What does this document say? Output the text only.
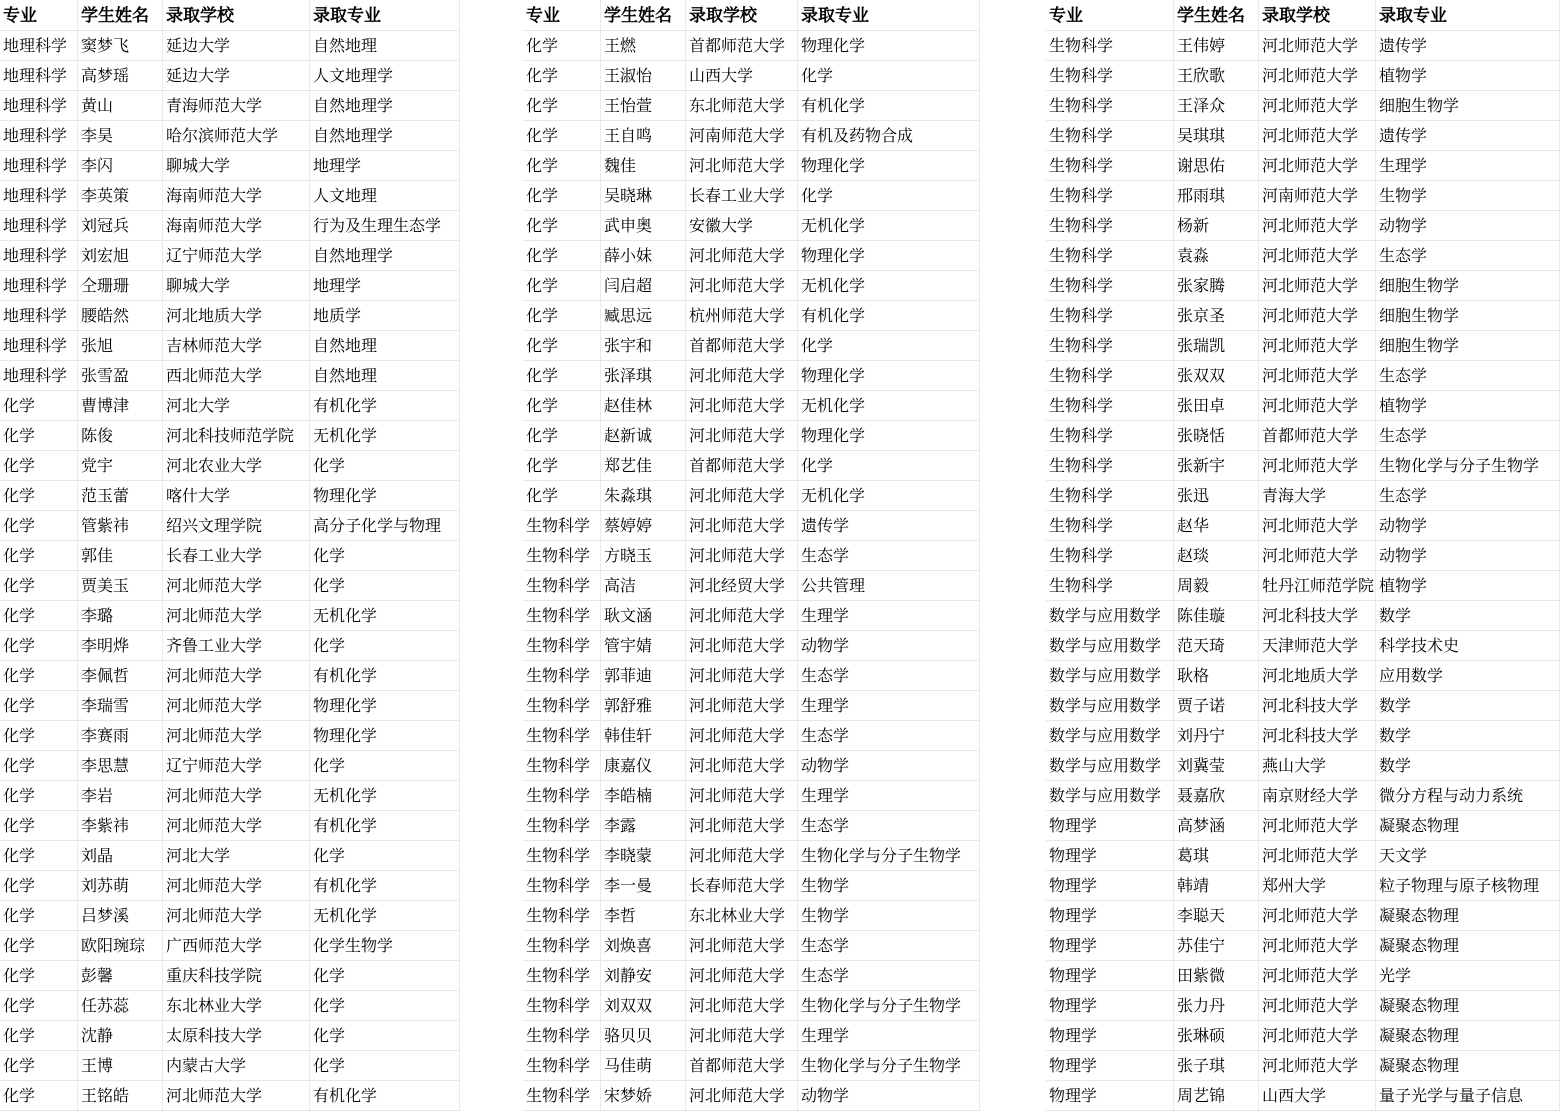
专业	学生姓名	录取学校	录取专业
地理科学 窦梦飞	延边大学	自然地理
地理科学 高梦瑶	延边大学	人文地理学
地理科学 黄山	青海师范大学	自然地理学
地理科学 李昊	哈尔滨师范大学	自然地理学
地理科学 李闪	聊城大学	地理学
地理科学 李英策	海南师范大学	人文地理
地理科学 刘冠兵	海南师范大学	行为及生理生态学
地理科学 刘宏旭	辽宁师范大学	自然地理学
地理科学 仝珊珊	聊城大学	地理学
地理科学 腰皓然	河北地质大学	地质学
地理科学 张旭	吉林师范大学	自然地理
地理科学 张雪盈	西北师范大学	自然地理
化学	曹博津	河北大学	有机化学
化学	陈俊	河北科技师范学院	无机化学
化学	党宇	河北农业大学	化学
化学	范玉蕾	喀什大学	物理化学
化学	管紫祎	绍兴文理学院	高分子化学与物理
化学	郭佳	长春工业大学	化学
化学	贾美玉	河北师范大学	化学
化学	李璐	河北师范大学	无机化学
化学	李明烨	齐鲁工业大学	化学
化学	李佩哲	河北师范大学	有机化学
化学	李瑞雪	河北师范大学	物理化学
化学	李赛雨	河北师范大学	物理化学
化学	李思慧	辽宁师范大学	化学
化学	李岩	河北师范大学	无机化学
化学	李紫祎	河北师范大学	有机化学
化学	刘晶	河北大学	化学
化学	刘苏萌	河北师范大学	有机化学
化学	吕梦溪	河北师范大学	无机化学
化学	欧阳琬琮	广西师范大学	化学生物学
化学	彭馨	重庆科技学院	化学
化学	任苏蕊	东北林业大学	化学
化学	沈静	太原科技大学	化学
化学	王博	内蒙古大学	化学
化学	王铭皓	河北师范大学	有机化学
专业	学生姓名	录取学校	录取专业
化学	王燃	首都师范大学 物理化学
化学	王淑怡	山西大学	化学
化学	王怡萱	东北师范大学 有机化学
化学	王自鸣	河南师范大学 有机及药物合成
化学	魏佳	河北师范大学 物理化学
化学	吴晓琳	长春工业大学 化学
化学	武申奥	安徽大学	无机化学
化学	薛小妹	河北师范大学 物理化学
化学	闫启超	河北师范大学 无机化学
化学	臧思远	杭州师范大学 有机化学
化学	张宇和	首都师范大学 化学
化学	张泽琪	河北师范大学 物理化学
化学	赵佳林	河北师范大学 无机化学
化学	赵新诚	河北师范大学 物理化学
化学	郑艺佳	首都师范大学 化学
化学	朱淼琪	河北师范大学 无机化学
生物科学 蔡婷婷	河北师范大学 遗传学
生物科学 方晓玉	河北师范大学 生态学
生物科学 高洁	河北经贸大学 公共管理
生物科学 耿文涵	河北师范大学 生理学
生物科学 管宇婧	河北师范大学 动物学
生物科学 郭菲迪	河北师范大学 生态学
生物科学 郭舒雅	河北师范大学 生理学
生物科学 韩佳轩	河北师范大学 生态学
生物科学 康嘉仪	河北师范大学 动物学
生物科学 李皓楠	河北师范大学 生理学
生物科学 李露	河北师范大学 生态学
生物科学 李晓蒙	河北师范大学 生物化学与分子生物学
生物科学 李一曼	长春师范大学 生物学
生物科学 李哲	东北林业大学 生物学
生物科学 刘焕喜	河北师范大学 生态学
生物科学 刘静安	河北师范大学 生态学
生物科学 刘双双	河北师范大学 生物化学与分子生物学
生物科学 骆贝贝	河北师范大学 生理学
生物科学 马佳萌	首都师范大学 生物化学与分子生物学
生物科学 宋梦娇	河北师范大学 动物学
专业	学生姓名	录取学校	录取专业
生物科学	王伟婷	河北师范大学	遗传学
生物科学	王欣歌	河北师范大学	植物学
生物科学	王泽众	河北师范大学	细胞生物学
生物科学	吴琪琪	河北师范大学	遗传学
生物科学	谢思佑	河北师范大学	生理学
生物科学	邢雨琪	河南师范大学	生物学
生物科学	杨新	河北师范大学	动物学
生物科学	袁淼	河北师范大学	生态学
生物科学	张家腾	河北师范大学	细胞生物学
生物科学	张京圣	河北师范大学	细胞生物学
生物科学	张瑞凯	河北师范大学	细胞生物学
生物科学	张双双	河北师范大学	生态学
生物科学	张田卓	河北师范大学	植物学
生物科学	张晓恬	首都师范大学	生态学
生物科学	张新宇	河北师范大学	生物化学与分子生物学
生物科学	张迅	青海大学	生态学
生物科学	赵华	河北师范大学	动物学
生物科学	赵琰	河北师范大学	动物学
生物科学	周毅	牡丹江师范学院 植物学
数学与应用数学 陈佳璇	河北科技大学	数学
数学与应用数学 范天琦	天津师范大学	科学技术史
数学与应用数学 耿格	河北地质大学	应用数学
数学与应用数学 贾子诺	河北科技大学	数学
数学与应用数学 刘丹宁	河北科技大学	数学
数学与应用数学 刘冀莹	燕山大学	数学
数学与应用数学 聂嘉欣	南京财经大学	微分方程与动力系统
物理学	高梦涵	河北师范大学	凝聚态物理
物理学	葛琪	河北师范大学	天文学
物理学	韩靖	郑州大学	粒子物理与原子核物理
物理学	李聪天	河北师范大学	凝聚态物理
物理学	苏佳宁	河北师范大学	凝聚态物理
物理学	田紫微	河北师范大学	光学
物理学	张力丹	河北师范大学	凝聚态物理
物理学	张琳硕	河北师范大学	凝聚态物理
物理学	张子琪	河北师范大学	凝聚态物理
物理学	周艺锦	山西大学	量子光学与量子信息
